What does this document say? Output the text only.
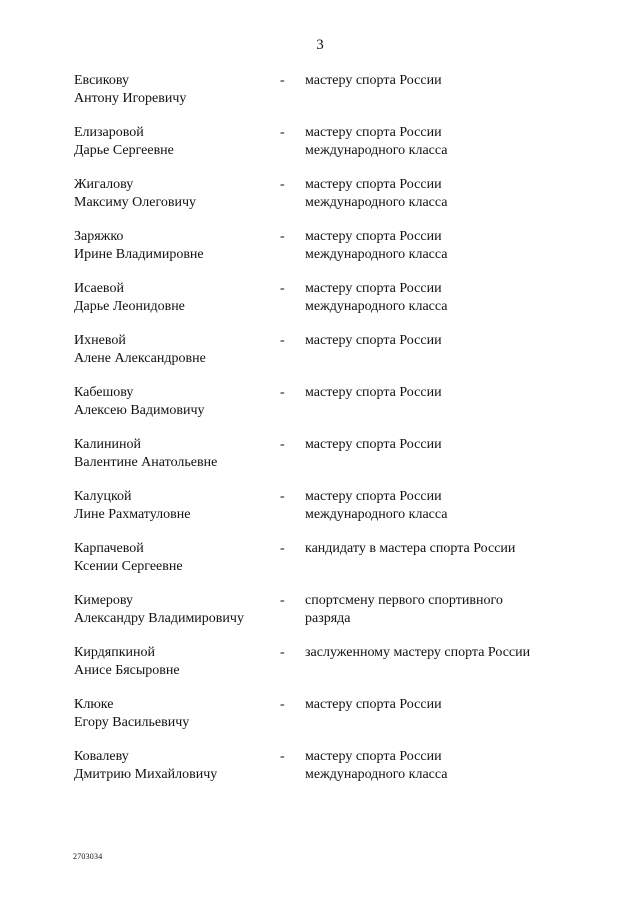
3
Евсикову
Антону Игоревичу
- мастеру спорта России
Елизаровой
Дарье Сергеевне
- мастеру спорта России
международного класса
Жигалову
Максиму Олеговичу
- мастеру спорта России
международного класса
Заряжко
Ирине Владимировне
- мастеру спорта России
международного класса
Исаевой
Дарье Леонидовне
- мастеру спорта России
международного класса
Ихневой
Алене Александровне
- мастеру спорта России
Кабешову
Алексею Вадимовичу
- мастеру спорта России
Калининой
Валентине Анатольевне
- мастеру спорта России
Калуцкой
Лине Рахматуловне
- мастеру спорта России
международного класса
Карпачевой
Ксении Сергеевне
- кандидату в мастера спорта России
Кимерову
Александру Владимировичу
- спортсмену первого спортивного
разряда
Кирдяпкиной
Анисе Бясыровне
- заслуженному мастеру спорта России
Клюке
Егору Васильевичу
- мастеру спорта России
Ковалеву
Дмитрию Михайловичу
- мастеру спорта России
международного класса
2703034
